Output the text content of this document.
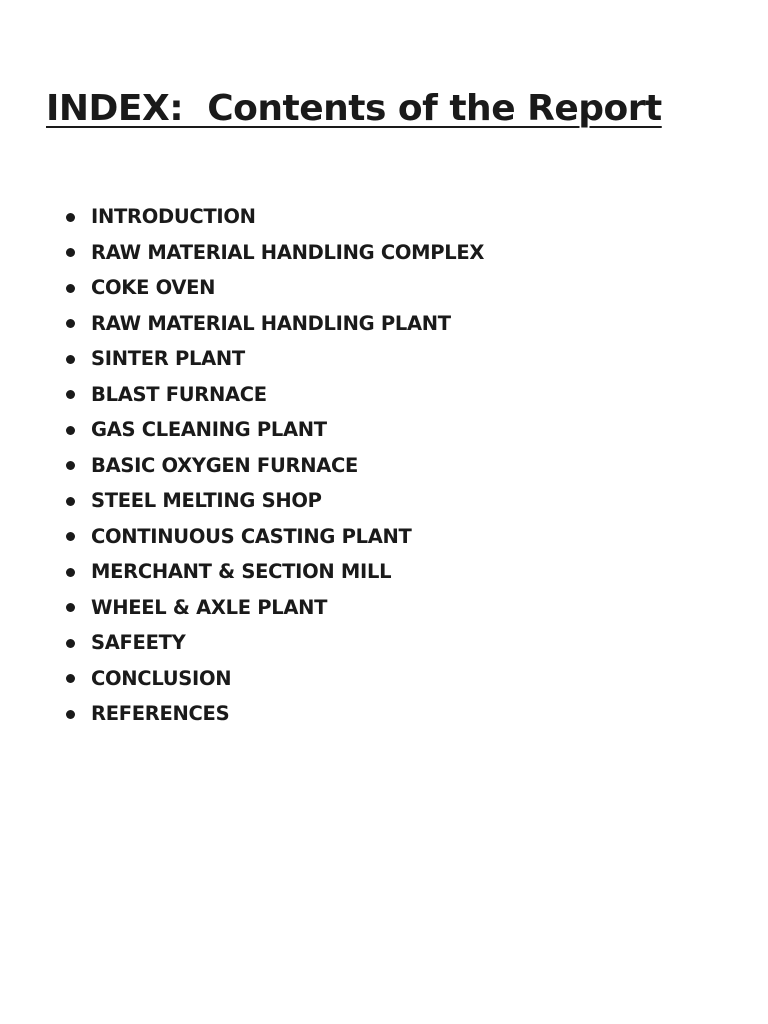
INDEX:  Contents of the Report
INTRODUCTION
RAW MATERIAL HANDLING COMPLEX
COKE OVEN
RAW MATERIAL HANDLING PLANT
SINTER PLANT
BLAST FURNACE
GAS CLEANING PLANT
BASIC OXYGEN FURNACE
STEEL MELTING SHOP
CONTINUOUS CASTING PLANT
MERCHANT & SECTION MILL
WHEEL & AXLE PLANT
SAFEETY
CONCLUSION
REFERENCES
